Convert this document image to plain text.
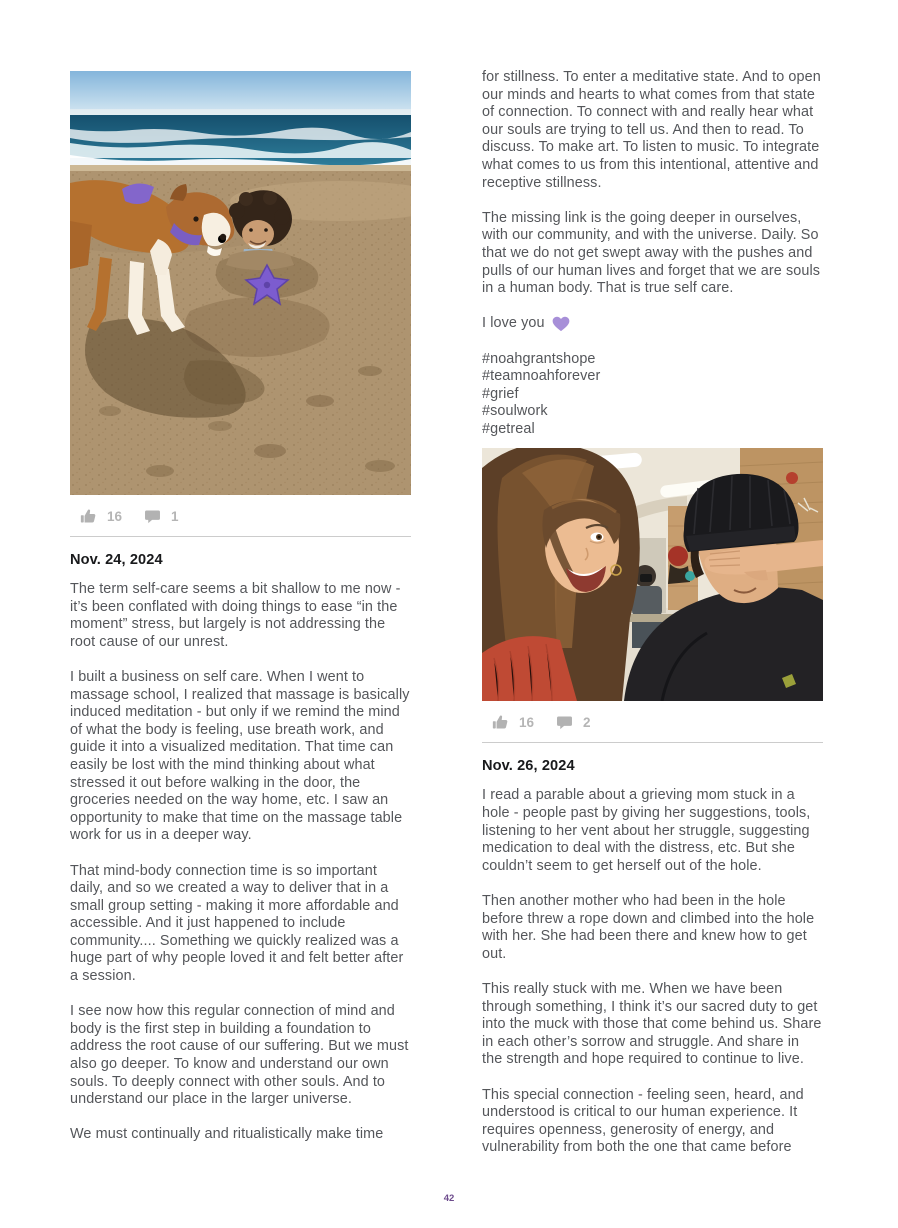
16	1
Nov. 24, 2024

The term self-care seems a bit shallow to me now - it’s been conflated with doing things to ease “in the moment” stress, but largely is not addressing the root cause of our unrest.

I built a business on self care. When I went to massage school, I realized that massage is basically induced meditation - but only if we remind the mind of what the body is feeling, use breath work, and guide it into a visualized meditation. That time can easily be lost with the mind thinking about what stressed it out before walking in the door, the groceries needed on the way home, etc. I saw an opportunity to make that time on the massage table work for us in a deeper way.

That mind-body connection time is so important daily, and so we created a way to deliver that in a small group setting - making it more affordable and accessible. And it just happened to include community.... Something we quickly realized was a huge part of why people loved it and felt better after a session.

I see now how this regular connection of mind and body is the first step in building a foundation to address the root cause of our suffering. But we must also go deeper. To know and understand our own souls. To deeply connect with other souls. And to understand our place in the larger universe.

We must continually and ritualistically make time

for stillness. To enter a meditative state. And to open our minds and hearts to what comes from that state of connection. To connect with and really hear what our souls are trying to tell us. And then to read. To discuss. To make art. To listen to music. To integrate what comes to us from this intentional, attentive and receptive stillness.

The missing link is the going deeper in ourselves, with our community, and with the universe. Daily. So that we do not get swept away with the pushes and pulls of our human lives and forget that we are souls in a human body. That is true self care.

I love you

#noahgrantshope
#teamnoahforever
#grief
#soulwork
#getreal
16	2
Nov. 26, 2024

I read a parable about a grieving mom stuck in a hole - people past by giving her suggestions, tools, listening to her vent about her struggle, suggesting medication to deal with the distress, etc. But she couldn’t seem to get herself out of the hole.

Then another mother who had been in the hole before threw a rope down and climbed into the hole with her. She had been there and knew how to get out.

This really stuck with me. When we have been through something, I think it’s our sacred duty to get into the muck with those that come behind us. Share in each other’s sorrow and struggle. And share in the strength and hope required to continue to live.

This special connection - feeling seen, heard, and understood is critical to our human experience. It requires openness, generosity of energy, and vulnerability from both the one that came before

42
